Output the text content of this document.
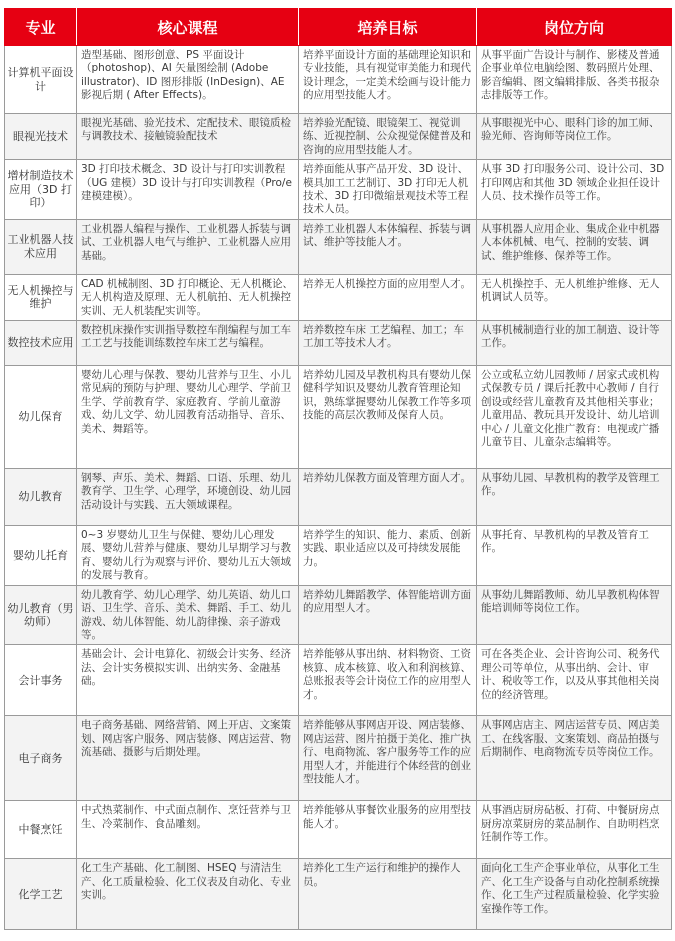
专业	核心课程	培养目标	岗位方向
计算机平面设计	造型基础、图形创意、PS 平面设计（photoshop)、AI 矢量图绘制 (Adobe illustrator)、ID 图形排版 (InDesign)、AE 影视后期 ( After Effects)。	培养平面设计方面的基础理论知识和专业技能，具有视觉审美能力和现代设计理念，一定美术绘画与设计能力的应用型技能人才。	从事平面广告设计与制作、影楼及普通企事业单位电脑绘图、数码照片处理、影音编辑、图文编辑排版、各类书报杂志排版等工作。
眼视光技术	眼视光基础、验光技术、定配技术、眼镜质检与调教技术、接触镜验配技术	培养验光配镜、眼镜架工、视觉训练、近视控制、公众视觉保健普及和咨询的应用型技能人才。	从事眼视光中心、眼科门诊的加工师、验光师、咨询师等岗位工作。
增材制造技术应用（3D 打印）	3D 打印技术概念、3D 设计与打印实训教程（UG 建模）3D 设计与打印实训教程（Pro/e 建模建模）。	培养面能从事产品开发、3D 设计、模具加工工艺制订、3D 打印无人机技术、3D 打印微缩景观技术等工程技术人员。	从事 3D 打印服务公司、设计公司、3D 打印网店和其他 3D 领域企业担任设计人员、技术操作员等工作。
工业机器人技术应用	工业机器人编程与操作、工业机器人拆装与调试、工业机器人电气与维护、工业机器人应用基础。	培养工业机器人本体编程、拆装与调试、维护等技能人才。	从事机器人应用企业、集成企业中机器人本体机械、电气、控制的安装、调试、维护维修、保养等工作。
无人机操控与维护	CAD 机械制图、3D 打印概论、无人机概论、无人机构造及原理、无人机航拍、无人机操控实训、无人机装配实训等。	培养无人机操控方面的应用型人才。	无人机操控手、无人机维护维修、无人机调试人员等。
数控技术应用	数控机床操作实训指导数控车削编程与加工车工工艺与技能训练数控车床工艺与编程。	培养数控车床 工艺编程、加工；车工加工等技术人才。	从事机械制造行业的加工制造、设计等工作。
幼儿保育	婴幼儿心理与保教、婴幼儿营养与卫生、小儿常见病的预防与护理、婴幼儿心理学、学前卫生学、学前教育学、家庭教育、学前儿童游戏、幼儿文学、幼儿园教育活动指导、音乐、美术、舞蹈等。	培养幼儿园及早教机构具有婴幼儿保健科学知识及婴幼儿教育管理论知识，熟练掌握婴幼儿保教工作等多项技能的高层次教师及保育人员。	公立或私立幼儿园教师 / 居家式或机构式保教专员 / 课后托教中心教师 / 自行创设或经营儿童教育及其他相关事业；儿童用品、教玩具开发设计、幼儿培训中心 / 儿童文化推广教育：电视或广播儿童节目、儿童杂志编辑等。
幼儿教育	钢琴、声乐、美术、舞蹈、口语、乐理、幼儿教育学、卫生学、心理学，环境创设、幼儿园活动设计与实践、五大领域课程。	培养幼儿保教方面及管理方面人才。	从事幼儿园、早教机构的教学及管理工作。
婴幼儿托育	0~3 岁婴幼儿卫生与保健、婴幼儿心理发展、婴幼儿营养与健康、婴幼儿早期学习与教育、婴幼儿行为观察与评价、婴幼儿五大领域的发展与教育。	培养学生的知识、能力、素质、创新实践、职业适应以及可持续发展能力。	从事托育、早教机构的早教及管育工作。
幼儿教育（男幼师）	幼儿教育学、幼儿心理学、幼儿英语、幼儿口语、卫生学、音乐、美术、舞蹈、手工、幼儿游戏、幼儿体智能、幼儿韵律操、亲子游戏等。	培养幼儿舞蹈教学、体智能培训方面的应用型人才。	从事幼儿舞蹈教师、幼儿早教机构体智能培训师等岗位工作。
会计事务	基础会计、会计电算化、初级会计实务、经济法、会计实务模拟实训、出纳实务、金融基础。	培养能够从事出纳、材料物资、工资核算、成本核算、收入和利润核算、总账报表等会计岗位工作的应用型人才。	可在各类企业、会计咨询公司、税务代理公司等单位，从事出纳、会计、审计、税收等工作，以及从事其他相关岗位的经济管理。
电子商务	电子商务基础、网络营销、网上开店、文案策划、网店客户服务、网店装修、网店运营、物流基础、摄影与后期处理。	培养能够从事网店开设、网店装修、网店运营、图片拍摄于美化、推广执行、电商物流、客户服务等工作的应用型人才，并能进行个体经营的创业型技能人才。	从事网店店主、网店运营专员、网店美工、在线客服、文案策划、商品拍摄与后期制作、电商物流专员等岗位工作。
中餐烹饪	中式热菜制作、中式面点制作、烹饪营养与卫生、冷菜制作、食品雕刻。	培养能够从事餐饮业服务的应用型技能人才。	从事酒店厨房砧板、打荷、中餐厨房点厨房凉菜厨房的菜品制作、自助明档烹饪制作等工作。
化学工艺	化工生产基础、化工制图、HSEQ 与清洁生产、化工质量检验、化工仪表及自动化、专业实训。	培养化工生产运行和维护的操作人员。	面向化工生产企事业单位，从事化工生产、化工生产设备与自动化控制系统操作、化工生产过程质量检验、化学实验室操作等工作。
